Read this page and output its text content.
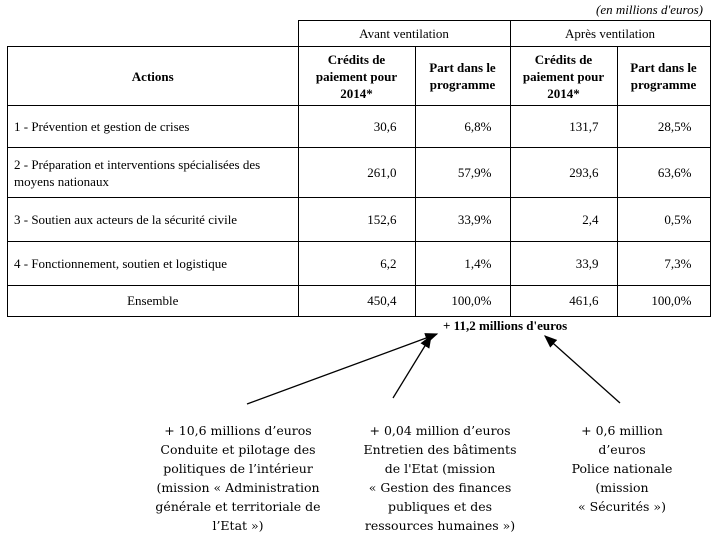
(en millions d'euros)
	Avant ventilation		Après ventilation	
Actions	Crédits de paiement pour 2014*	Part dans le programme	Crédits de paiement pour 2014*	Part dans le programme
1 - Prévention et gestion de crises	30,6	6,8%	131,7	28,5%
2 - Préparation et interventions spécialisées des moyens nationaux	261,0	57,9%	293,6	63,6%
3 - Soutien aux acteurs de la sécurité civile	152,6	33,9%	2,4	0,5%
4 - Fonctionnement, soutien et logistique	6,2	1,4%	33,9	7,3%
Ensemble	450,4	100,0%	461,6	100,0%
+ 11,2 millions d'euros
+ 10,6 millions d’euros
Conduite et pilotage des
politiques de l’intérieur
(mission « Administration
générale et territoriale de
l’Etat »)
+ 0,04 million d’euros
Entretien des bâtiments
de l'Etat (mission
« Gestion des finances
publiques et des
ressources humaines »)
+ 0,6 million
d’euros
Police nationale
(mission
« Sécurités »)
